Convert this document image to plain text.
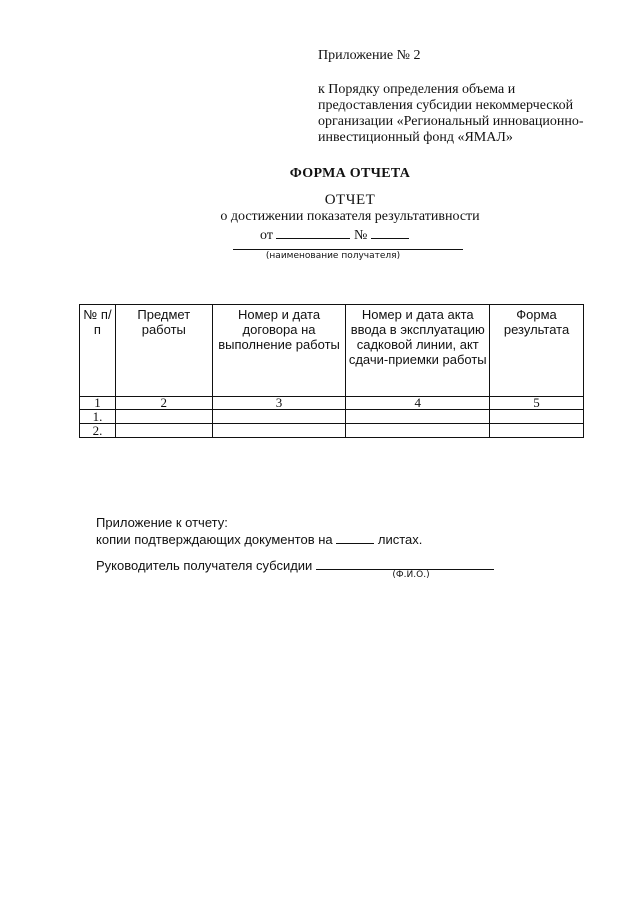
Приложение № 2
к Порядку определения объема и
предоставления субсидии некоммерческой
организации «Региональный инновационно-
инвестиционный фонд «ЯМАЛ»
ФОРМА ОТЧЕТА
ОТЧЕТ
о достижении показателя результативности
от	№
(наименование получателя)
№ п/п	Предмет работы	Номер и дата договора на выполнение работы	Номер и дата акта ввода в эксплуатацию садковой линии, акт сдачи-приемки работы	Форма результата
1	2	3	4	5
1.				
2.				
Приложение к отчету:
копии подтверждающих документов на	листах.
Руководитель получателя субсидии
(Ф.И.О.)
